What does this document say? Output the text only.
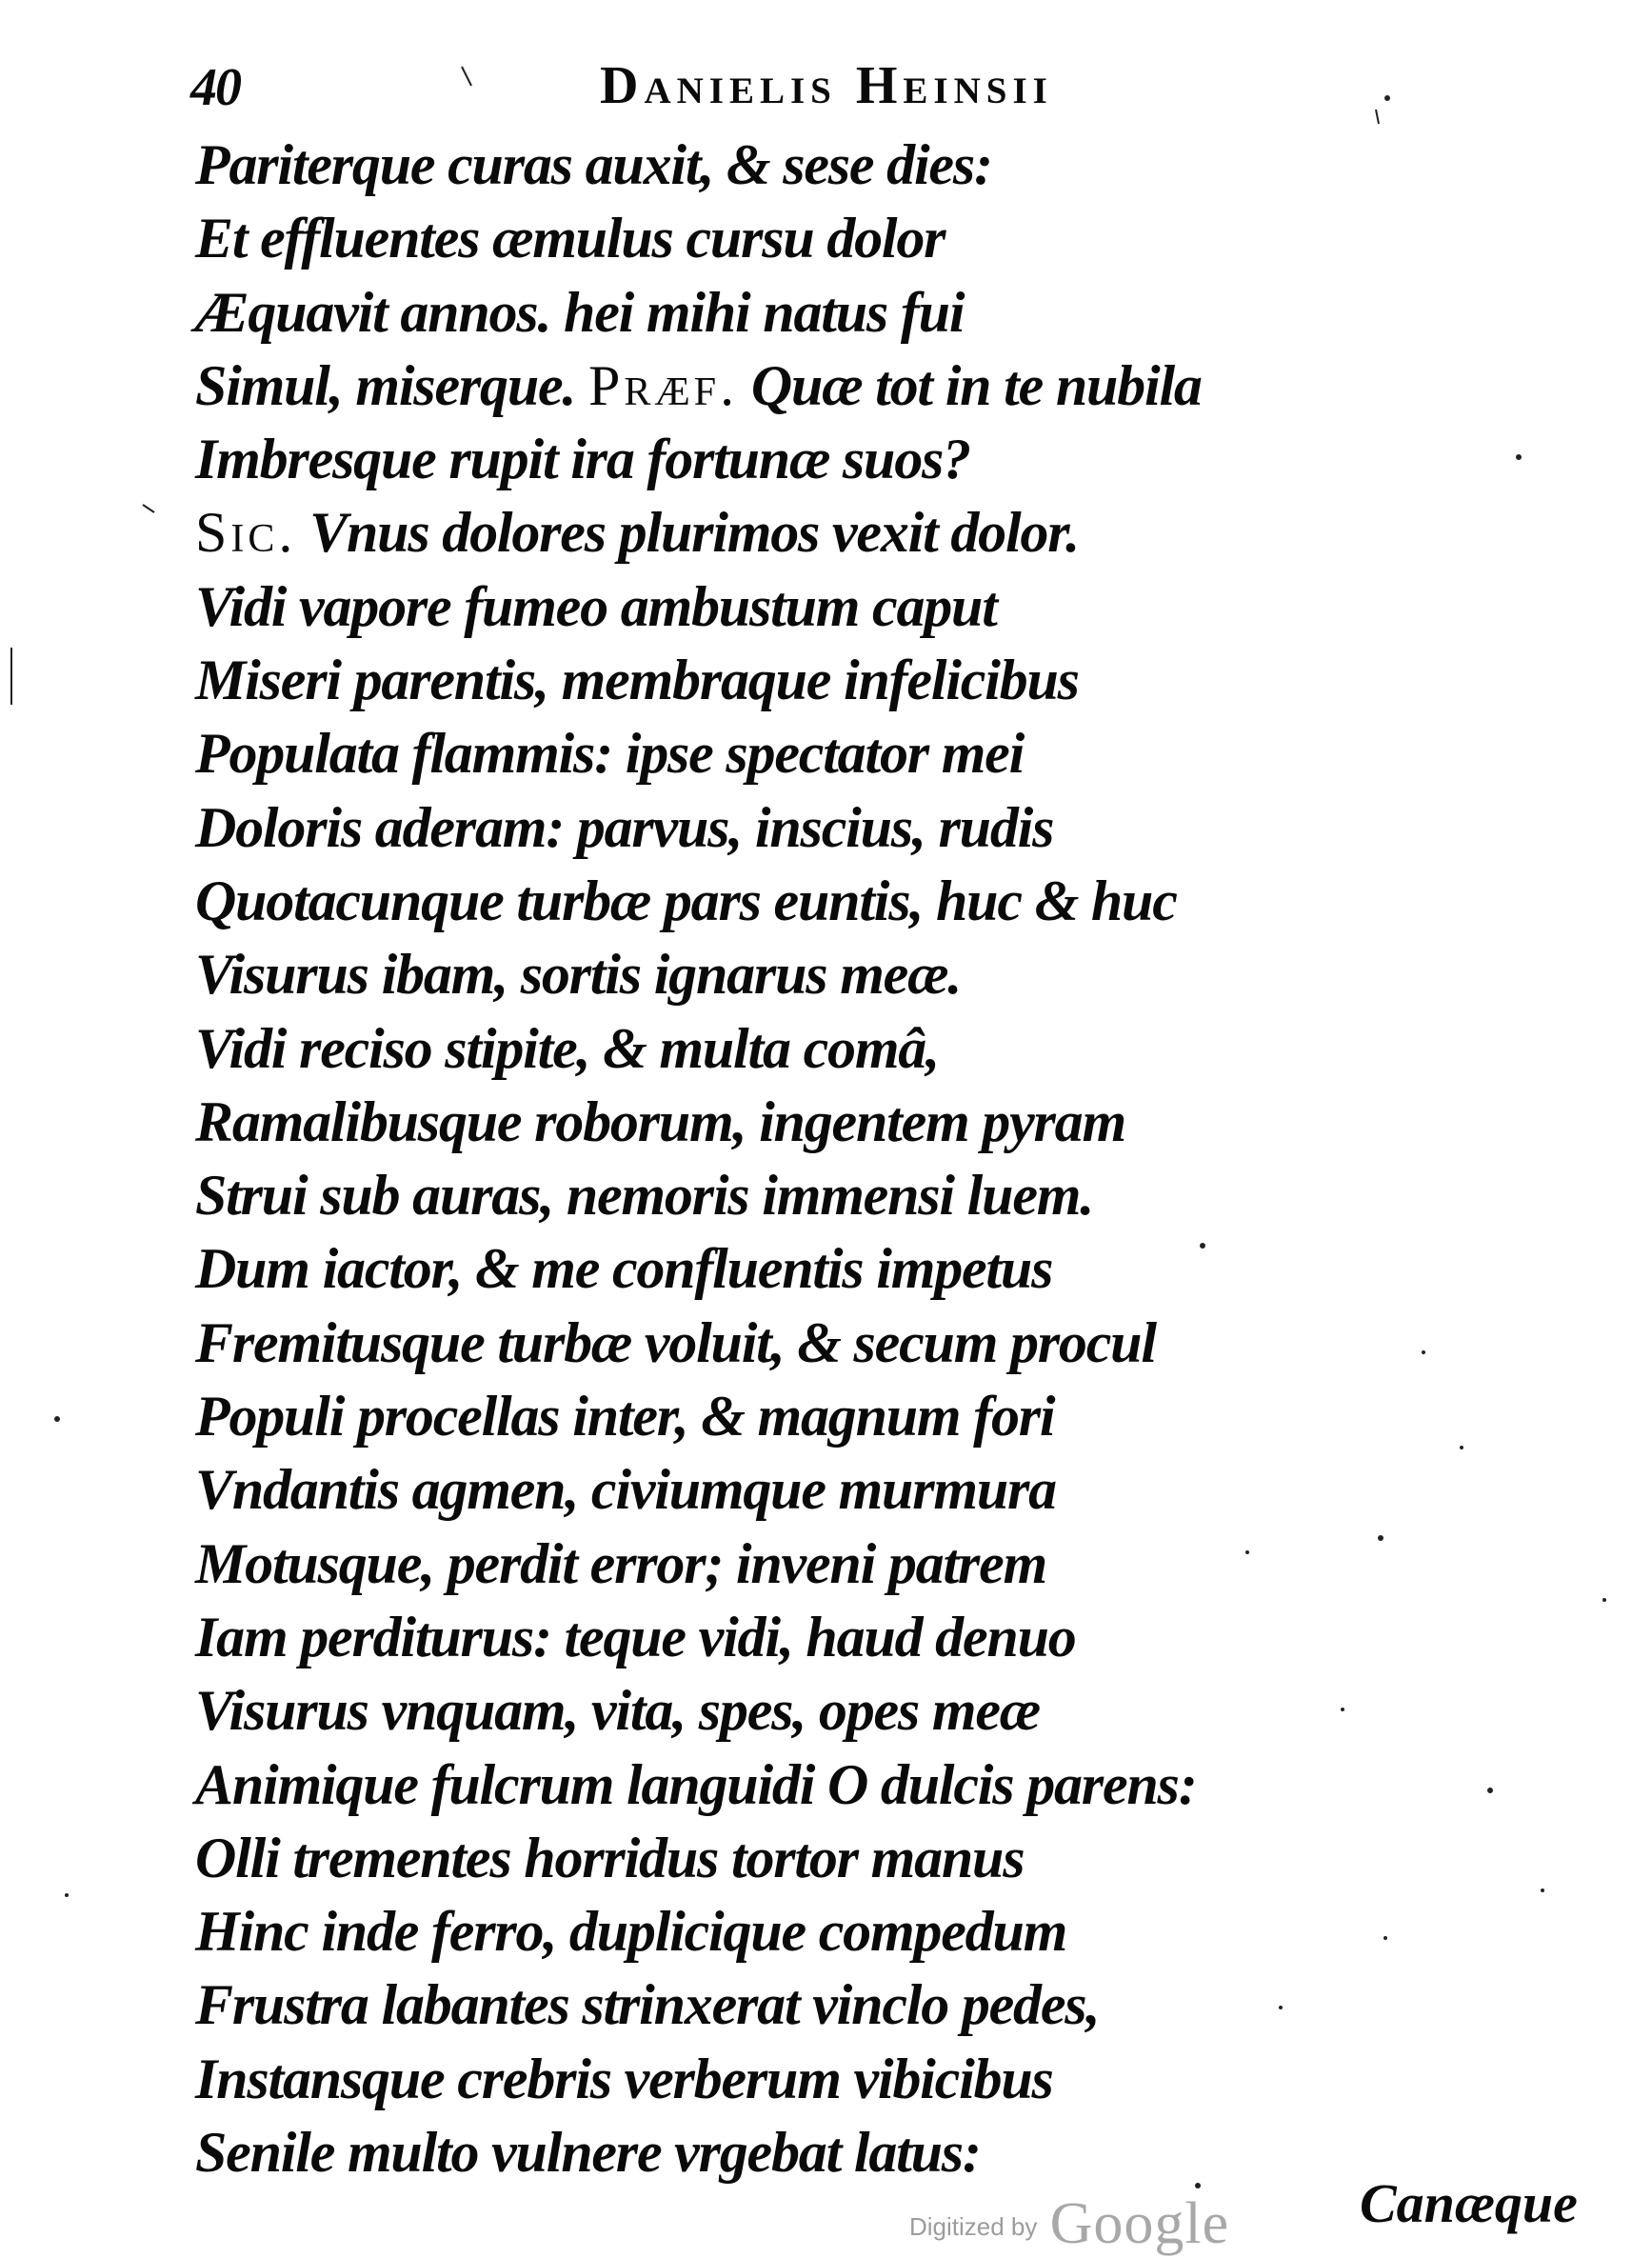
40	Danielis Heinsii
Pariterque curas auxit, & sese dies:
Et effluentes æmulus cursu dolor
Æquavit annos. hei mihi natus fui
Simul, miserque. Præf. Quæ tot in te nubila
Imbresque rupit ira fortunæ suos?
Sic. Vnus dolores plurimos vexit dolor.
Vidi vapore fumeo ambustum caput
Miseri parentis, membraque infelicibus
Populata flammis: ipse spectator mei
Doloris aderam: parvus, inscius, rudis
Quotacunque turbæ pars euntis, huc & huc
Visurus ibam, sortis ignarus meæ.
Vidi reciso stipite, & multa comâ,
Ramalibusque roborum, ingentem pyram
Strui sub auras, nemoris immensi luem.
Dum iactor, & me confluentis impetus
Fremitusque turbæ voluit, & secum procul
Populi procellas inter, & magnum fori
Vndantis agmen, civiumque murmura
Motusque, perdit error; inveni patrem
Iam perditurus: teque vidi, haud denuo
Visurus vnquam, vita, spes, opes meæ
Animique fulcrum languidi O dulcis parens:
Olli trementes horridus tortor manus
Hinc inde ferro, duplicique compedum
Frustra labantes strinxerat vinclo pedes,
Instansque crebris verberum vibicibus
Senile multo vulnere vrgebat latus:
Digitized by Google Canæque
